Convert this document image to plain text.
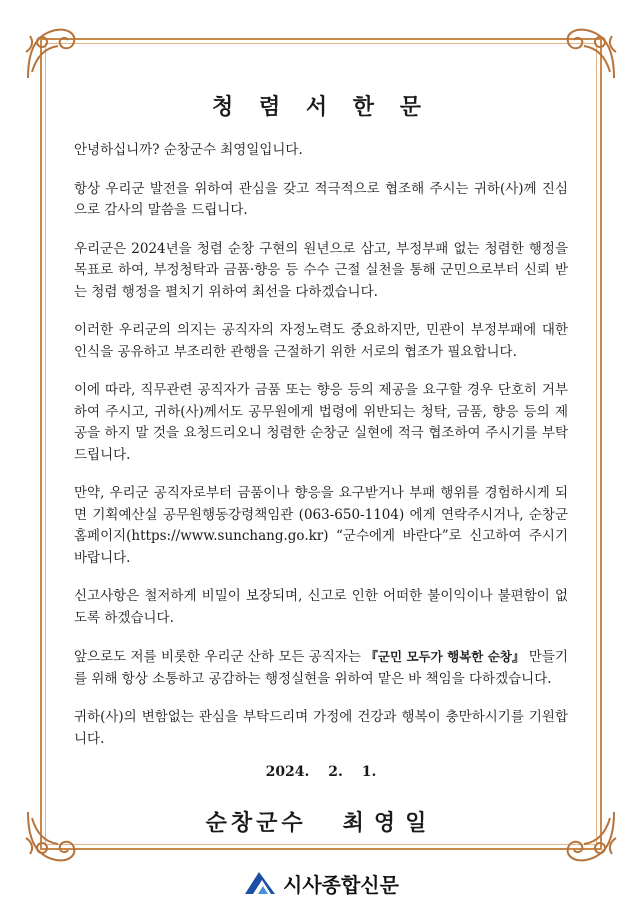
청 렴 서 한 문

안녕하십니까? 순창군수 최영일입니다.

항상 우리군 발전을 위하여 관심을 갖고 적극적으로 협조해 주시는 귀하(사)께 진심으로 감사의 말씀을 드립니다.

우리군은 2024년을 청렴 순창 구현의 원년으로 삼고, 부정부패 없는 청렴한 행정을 목표로 하여, 부정청탁과 금품·향응 등 수수 근절 실천을 통해 군민으로부터 신뢰 받는 청렴 행정을 펼치기 위하여 최선을 다하겠습니다.

이러한 우리군의 의지는 공직자의 자정노력도 중요하지만, 민관이 부정부패에 대한 인식을 공유하고 부조리한 관행을 근절하기 위한 서로의 협조가 필요합니다.

이에 따라, 직무관련 공직자가 금품 또는 향응 등의 제공을 요구할 경우 단호히 거부하여 주시고, 귀하(사)께서도 공무원에게 법령에 위반되는 청탁, 금품, 향응 등의 제공을 하지 말 것을 요청드리오니 청렴한 순창군 실현에 적극 협조하여 주시기를 부탁드립니다.

만약, 우리군 공직자로부터 금품이나 향응을 요구받거나 부패 행위를 경험하시게 되면 기획예산실 공무원행동강령책임관 (063-650-1104) 에게 연락주시거나, 순창군 홈페이지(https://www.sunchang.go.kr) “군수에게 바란다”로 신고하여 주시기 바랍니다.

신고사항은 철저하게 비밀이 보장되며, 신고로 인한 어떠한 불이익이나 불편함이 없도록 하겠습니다.

앞으로도 저를 비롯한 우리군 산하 모든 공직자는 『군민 모두가 행복한 순창』 만들기를 위해 항상 소통하고 공감하는 행정실현을 위하여 맡은 바 책임을 다하겠습니다.

귀하(사)의 변함없는 관심을 부탁드리며 가정에 건강과 행복이 충만하시기를 기원합니다.

2024. 2. 1.
순창군수 최영일
시사종합신문
